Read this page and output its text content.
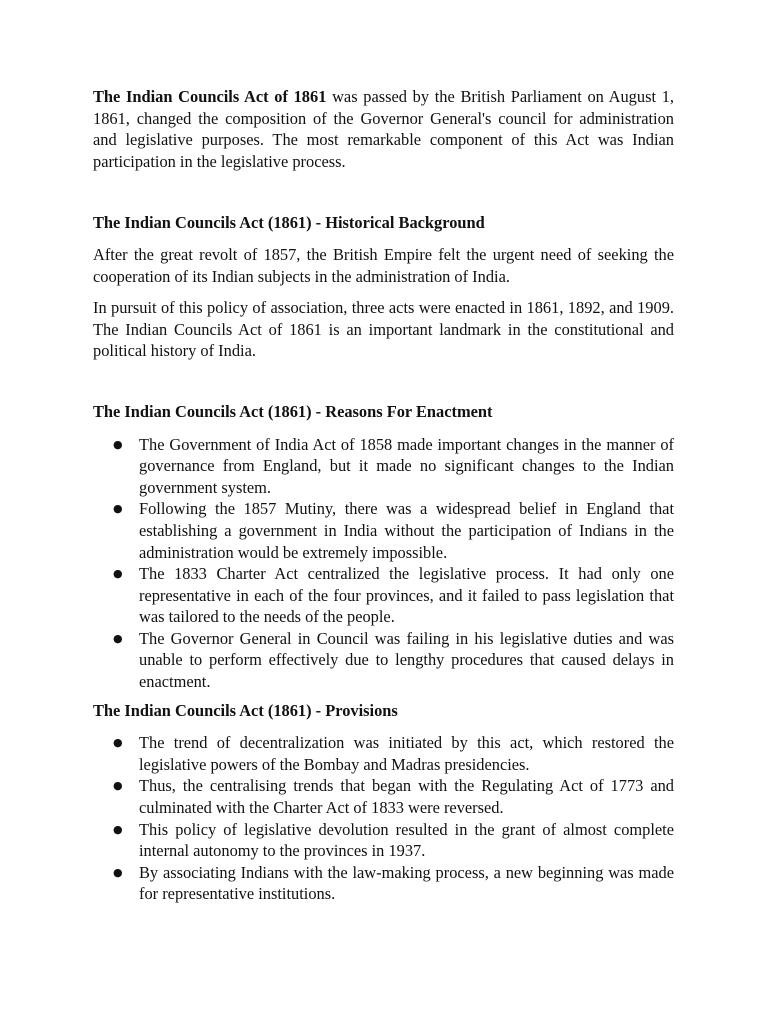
The Indian Councils Act of 1861 was passed by the British Parliament on August 1, 1861, changed the composition of the Governor General's council for administration and legislative purposes. The most remarkable component of this Act was Indian participation in the legislative process.

The Indian Councils Act (1861) - Historical Background

After the great revolt of 1857, the British Empire felt the urgent need of seeking the cooperation of its Indian subjects in the administration of India.

In pursuit of this policy of association, three acts were enacted in 1861, 1892, and 1909. The Indian Councils Act of 1861 is an important landmark in the constitutional and political history of India.

The Indian Councils Act (1861) - Reasons For Enactment
● The Government of India Act of 1858 made important changes in the manner of governance from England, but it made no significant changes to the Indian government system.
● Following the 1857 Mutiny, there was a widespread belief in England that establishing a government in India without the participation of Indians in the administration would be extremely impossible.
● The 1833 Charter Act centralized the legislative process. It had only one representative in each of the four provinces, and it failed to pass legislation that was tailored to the needs of the people.
● The Governor General in Council was failing in his legislative duties and was unable to perform effectively due to lengthy procedures that caused delays in enactment.
The Indian Councils Act (1861) - Provisions
● The trend of decentralization was initiated by this act, which restored the legislative powers of the Bombay and Madras presidencies.
● Thus, the centralising trends that began with the Regulating Act of 1773 and culminated with the Charter Act of 1833 were reversed.
● This policy of legislative devolution resulted in the grant of almost complete internal autonomy to the provinces in 1937.
● By associating Indians with the law-making process, a new beginning was made for representative institutions.
